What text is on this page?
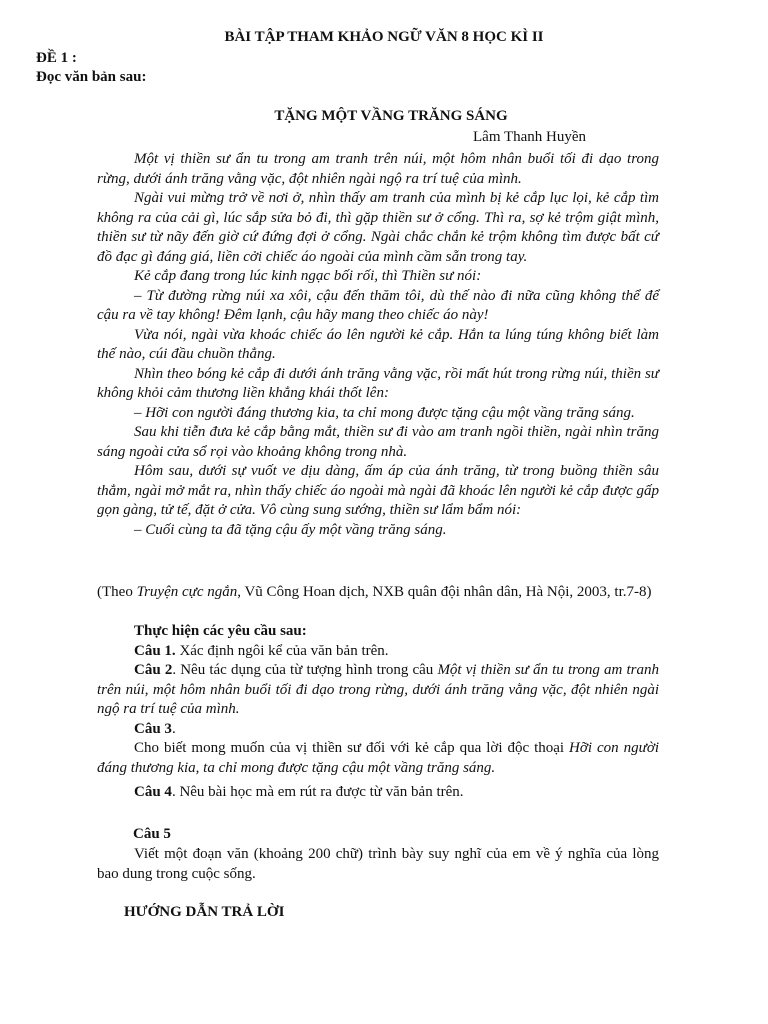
BÀI TẬP THAM KHẢO NGỮ VĂN 8 HỌC KÌ II
ĐỀ 1 :
Đọc văn bản sau:
TẶNG MỘT VẦNG TRĂNG SÁNG
Lâm Thanh Huyền

Một vị thiền sư ẩn tu trong am tranh trên núi, một hôm nhân buổi tối đi dạo trong rừng, dưới ánh trăng vằng vặc, đột nhiên ngài ngộ ra trí tuệ của mình.

Ngài vui mừng trở về nơi ở, nhìn thấy am tranh của mình bị kẻ cắp lục lọi, kẻ cắp tìm không ra của cải gì, lúc sắp sửa bỏ đi, thì gặp thiền sư ở cổng. Thì ra, sợ kẻ trộm giật mình, thiền sư từ nãy đến giờ cứ đứng đợi ở cổng. Ngài chắc chắn kẻ trộm không tìm được bất cứ đồ đạc gì đáng giá, liền cởi chiếc áo ngoài của mình cầm sẵn trong tay.

Kẻ cắp đang trong lúc kinh ngạc bối rối, thì Thiền sư nói:

– Từ đường rừng núi xa xôi, cậu đến thăm tôi, dù thế nào đi nữa cũng không thể để cậu ra về tay không! Đêm lạnh, cậu hãy mang theo chiếc áo này!

Vừa nói, ngài vừa khoác chiếc áo lên người kẻ cắp. Hắn ta lúng túng không biết làm thế nào, cúi đầu chuồn thẳng.

Nhìn theo bóng kẻ cắp đi dưới ánh trăng vằng vặc, rồi mất hút trong rừng núi, thiền sư không khỏi cảm thương liền khẳng khái thốt lên:

– Hỡi con người đáng thương kia, ta chỉ mong được tặng cậu một vầng trăng sáng.

Sau khi tiễn đưa kẻ cắp bằng mắt, thiền sư đi vào am tranh ngồi thiền, ngài nhìn trăng sáng ngoài cửa sổ rọi vào khoảng không trong nhà.

Hôm sau, dưới sự vuốt ve dịu dàng, ấm áp của ánh trăng, từ trong buồng thiền sâu thẳm, ngài mở mắt ra, nhìn thấy chiếc áo ngoài mà ngài đã khoác lên người kẻ cắp được gấp gọn gàng, tử tế, đặt ở cửa. Vô cùng sung sướng, thiền sư lẩm bẩm nói:

– Cuối cùng ta đã tặng cậu ấy một vầng trăng sáng.

(Theo Truyện cực ngắn, Vũ Công Hoan dịch, NXB quân đội nhân dân, Hà Nội, 2003, tr.7-8)

Thực hiện các yêu cầu sau:

Câu 1. Xác định ngôi kể của văn bản trên.

Câu 2. Nêu tác dụng của từ tượng hình trong câu Một vị thiền sư ẩn tu trong am tranh trên núi, một hôm nhân buổi tối đi dạo trong rừng, dưới ánh trăng vằng vặc, đột nhiên ngài ngộ ra trí tuệ của mình.

Câu 3.

Cho biết mong muốn của vị thiền sư đối với kẻ cắp qua lời độc thoại Hỡi con người đáng thương kia, ta chỉ mong được tặng cậu một vầng trăng sáng.

Câu 4. Nêu bài học mà em rút ra được từ văn bản trên.

Câu 5
Viết một đoạn văn (khoảng 200 chữ) trình bày suy nghĩ của em về ý nghĩa của lòng bao dung trong cuộc sống.
HƯỚNG DẪN TRẢ LỜI
